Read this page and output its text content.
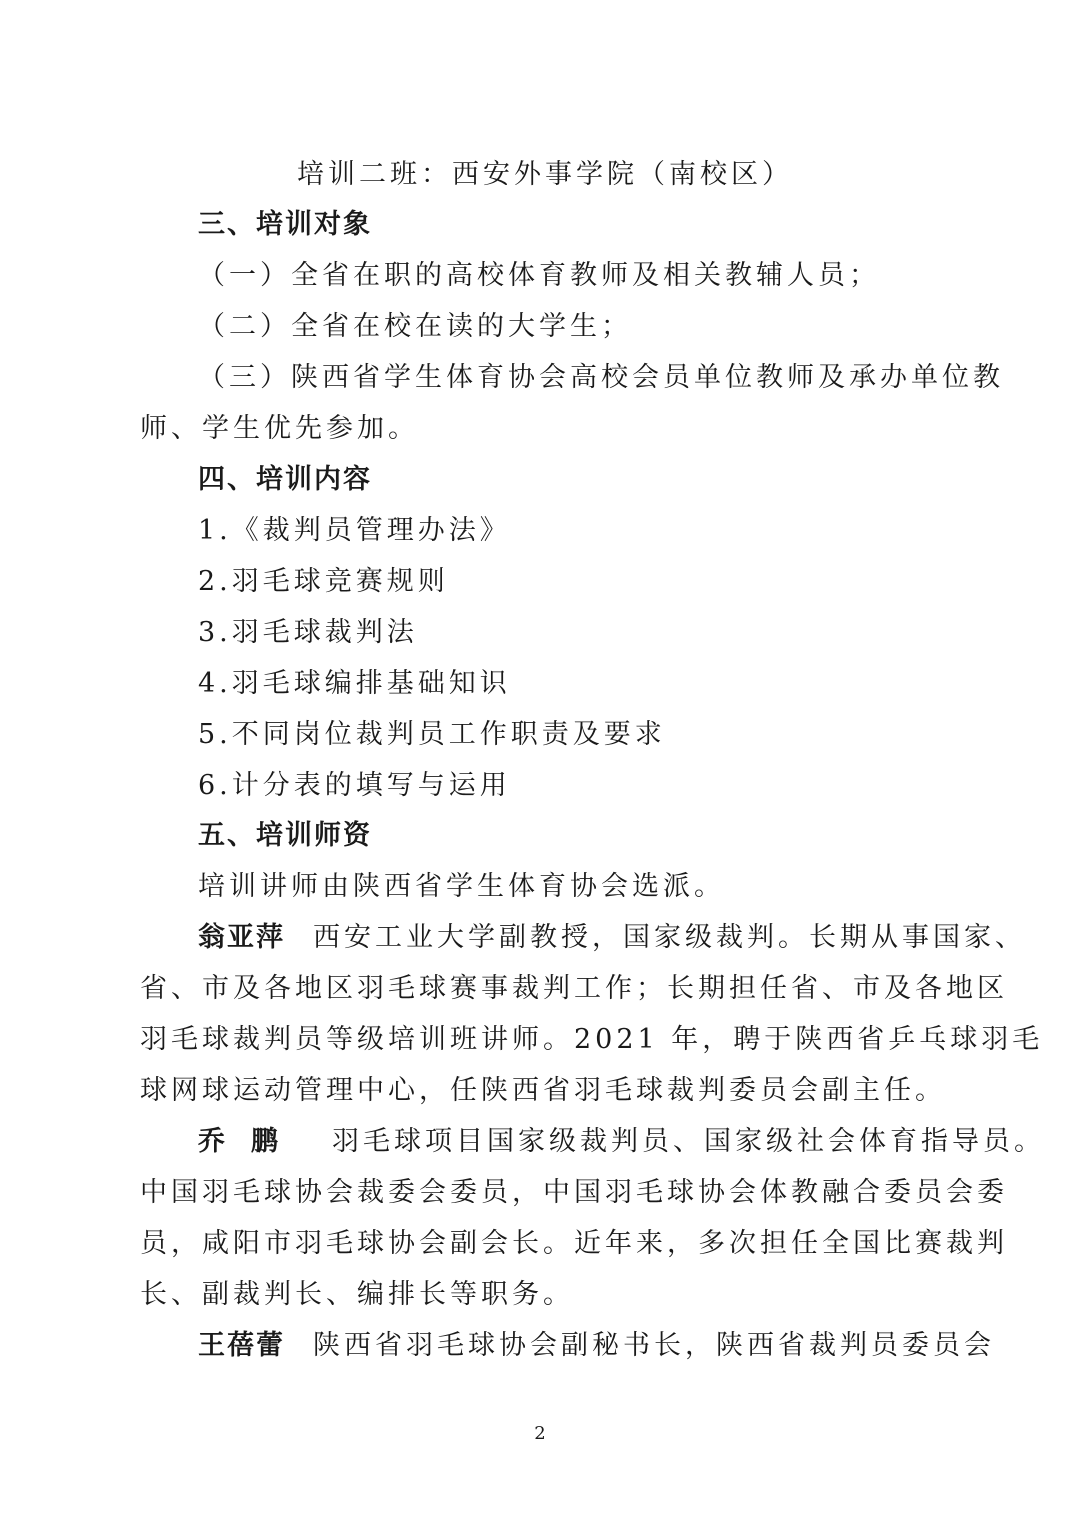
培训二班：西安外事学院（南校区）
三、培训对象
（一）全省在职的高校体育教师及相关教辅人员；
（二）全省在校在读的大学生；
（三）陕西省学生体育协会高校会员单位教师及承办单位教
师、学生优先参加。
四、培训内容
1.《裁判员管理办法》
2.羽毛球竞赛规则
3.羽毛球裁判法
4.羽毛球编排基础知识
5.不同岗位裁判员工作职责及要求
6.计分表的填写与运用
五、培训师资
培训讲师由陕西省学生体育协会选派。
翁亚萍 西安工业大学副教授，国家级裁判。长期从事国家、
省、市及各地区羽毛球赛事裁判工作；长期担任省、市及各地区
羽毛球裁判员等级培训班讲师。2021 年，聘于陕西省乒乓球羽毛
球网球运动管理中心，任陕西省羽毛球裁判委员会副主任。
乔鹏 羽毛球项目国家级裁判员、国家级社会体育指导员。
中国羽毛球协会裁委会委员，中国羽毛球协会体教融合委员会委
员，咸阳市羽毛球协会副会长。近年来，多次担任全国比赛裁判
长、副裁判长、编排长等职务。
王蓓蕾 陕西省羽毛球协会副秘书长，陕西省裁判员委员会
2
